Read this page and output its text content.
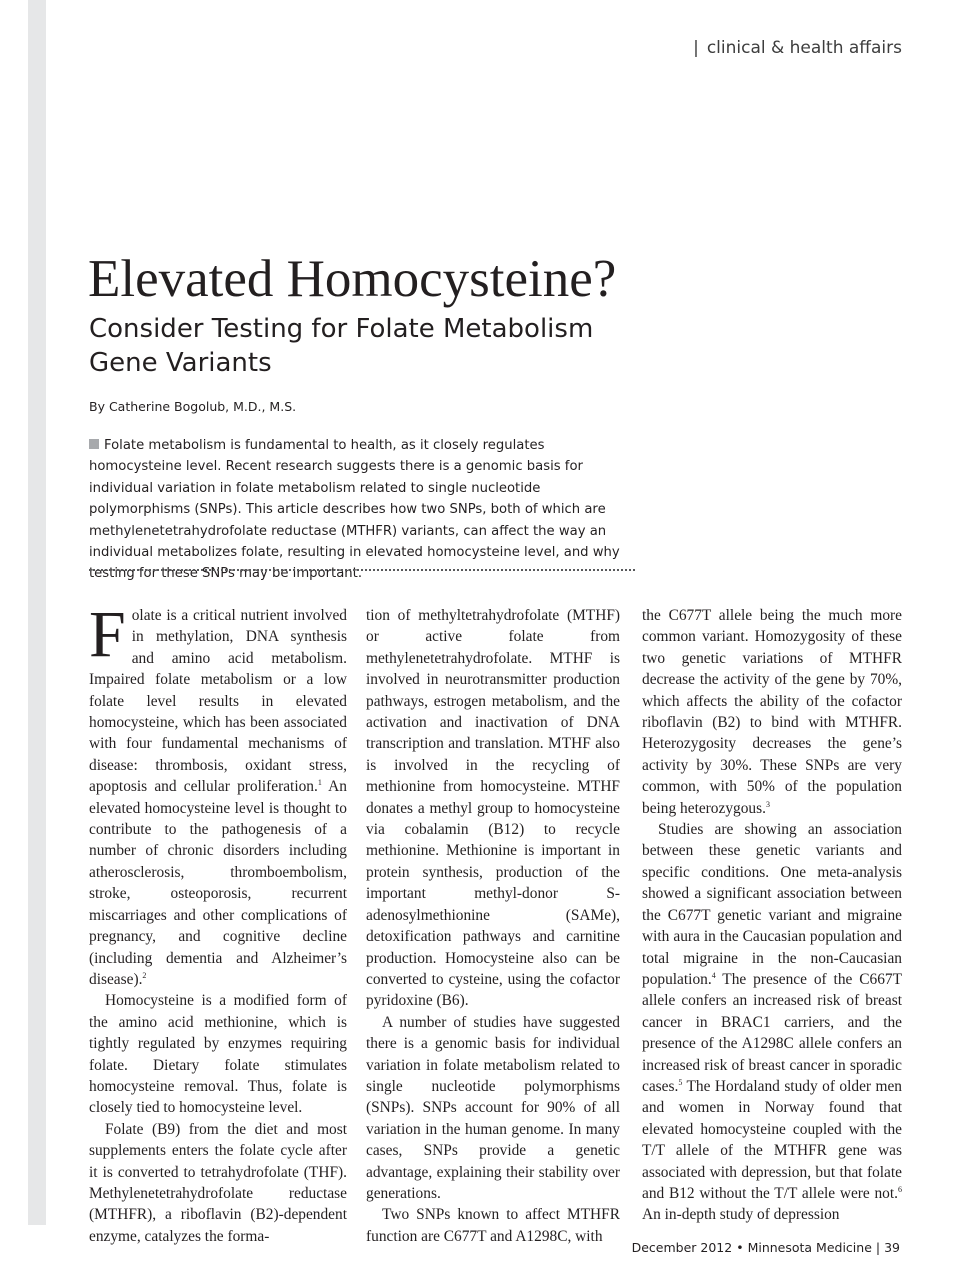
| clinical & health affairs
Elevated Homocysteine?
Consider Testing for Folate Metabolism Gene Variants
By Catherine Bogolub, M.D., M.S.

Folate metabolism is fundamental to health, as it closely regulates homocysteine level. Recent research suggests there is a genomic basis for individual variation in folate metabolism related to single nucleotide polymorphisms (SNPs). This article describes how two SNPs, both of which are methylenetetrahydrofolate reductase (MTHFR) variants, can affect the way an individual metabolizes folate, resulting in elevated homocysteine level, and why testing for these SNPs may be important.

Folate is a critical nutrient involved in methylation, DNA synthesis and amino acid metabolism. Impaired folate metabolism or a low folate level results in elevated homocysteine, which has been associated with four fundamental mechanisms of disease: thrombosis, oxidant stress, apoptosis and cellular proliferation.$^1$ An elevated homocysteine level is thought to contribute to the pathogenesis of a number of chronic disorders including atherosclerosis, thromboembolism, stroke, osteoporosis, recurrent miscarriages and other complications of pregnancy, and cognitive decline (including dementia and Alzheimer’s disease).$^2$

Homocysteine is a modified form of the amino acid methionine, which is tightly regulated by enzymes requiring folate. Dietary folate stimulates homocysteine removal. Thus, folate is closely tied to homocysteine level.

Folate (B9) from the diet and most supplements enters the folate cycle after it is converted to tetrahydrofolate (THF). Methylenetetrahydrofolate reductase (MTHFR), a riboflavin (B2)-dependent enzyme, catalyzes the forma-

tion of methyltetrahydrofolate (MTHF) or active folate from methylenetetrahydrofolate. MTHF is involved in neurotransmitter production pathways, estrogen metabolism, and the activation and inactivation of DNA transcription and translation. MTHF also is involved in the recycling of methionine from homocysteine. MTHF donates a methyl group to homocysteine via cobalamin (B12) to recycle methionine. Methionine is important in protein synthesis, production of the important methyl-donor S-adenosylmethionine (SAMe), detoxification pathways and carnitine production. Homocysteine also can be converted to cysteine, using the cofactor pyridoxine (B6).

A number of studies have suggested there is a genomic basis for individual variation in folate metabolism related to single nucleotide polymorphisms (SNPs). SNPs account for 90% of all variation in the human genome. In many cases, SNPs provide a genetic advantage, explaining their stability over generations.

Two SNPs known to affect MTHFR function are C677T and A1298C, with

the C677T allele being the much more common variant. Homozygosity of these two genetic variations of MTHFR decrease the activity of the gene by 70%, which affects the ability of the cofactor riboflavin (B2) to bind with MTHFR. Heterozygosity decreases the gene’s activity by 30%. These SNPs are very common, with 50% of the population being heterozygous.$^3$

Studies are showing an association between these genetic variants and specific conditions. One meta-analysis showed a significant association between the C677T genetic variant and migraine with aura in the Caucasian population and total migraine in the non-Caucasian population.$^4$ The presence of the C667T allele confers an increased risk of breast cancer in BRAC1 carriers, and the presence of the A1298C allele confers an increased risk of breast cancer in sporadic cases.$^5$ The Hordaland study of older men and women in Norway found that elevated homocysteine coupled with the T/T allele of the MTHFR gene was associated with depression, but that folate and B12 without the T/T allele were not.$^6$ An in-depth study of depression

December 2012 • Minnesota Medicine | 39
